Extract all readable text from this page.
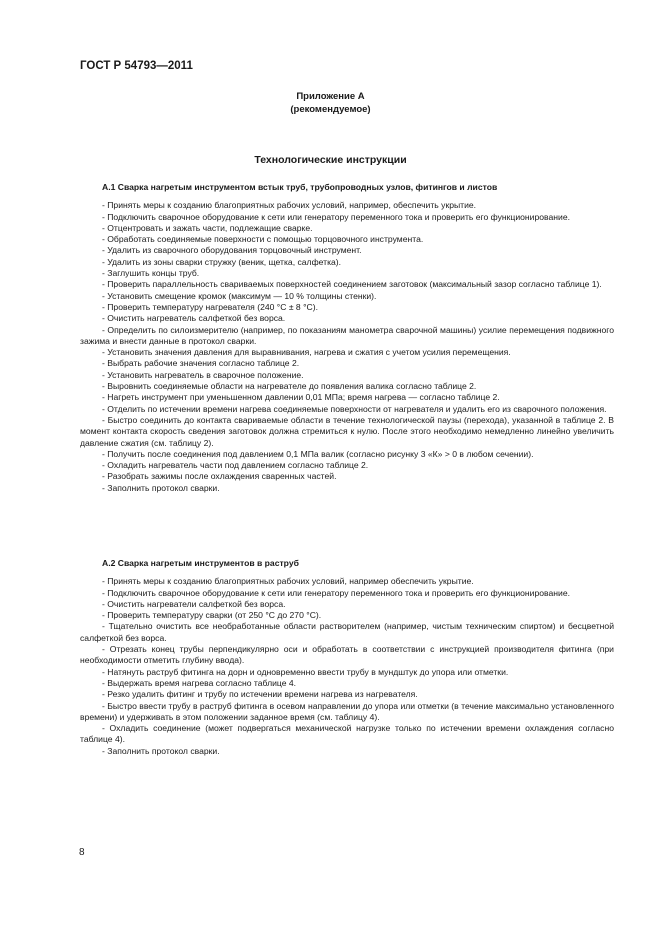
ГОСТ Р 54793—2011
Приложение А
(рекомендуемое)
Технологические инструкции

А.1 Сварка нагретым инструментом встык труб, трубопроводных узлов, фитингов и листов

- Принять меры к созданию благоприятных рабочих условий, например, обеспечить укрытие.

- Подключить сварочное оборудование к сети или генератору переменного тока и проверить его функционирование.

- Отцентровать и зажать части, подлежащие сварке.

- Обработать соединяемые поверхности с помощью торцовочного инструмента.

- Удалить из сварочного оборудования торцовочный инструмент.

- Удалить из зоны сварки стружку (веник, щетка, салфетка).

- Заглушить концы труб.

- Проверить параллельность свариваемых поверхностей соединением заготовок (максимальный зазор согласно таблице 1).

- Установить смещение кромок (максимум — 10 % толщины стенки).

- Проверить температуру нагревателя (240 °C ± 8 °C).

- Очистить нагреватель салфеткой без ворса.

- Определить по силоизмерителю (например, по показаниям манометра сварочной машины) усилие перемещения подвижного зажима и внести данные в протокол сварки.

- Установить значения давления для выравнивания, нагрева и сжатия с учетом усилия перемещения.

- Выбрать рабочие значения согласно таблице 2.

- Установить нагреватель в сварочное положение.

- Выровнить соединяемые области на нагревателе до появления валика согласно таблице 2.

- Нагреть инструмент при уменьшенном давлении 0,01 МПа; время нагрева — согласно таблице 2.

- Отделить по истечении времени нагрева соединяемые поверхности от нагревателя и удалить его из сварочного положения.

- Быстро соединить до контакта свариваемые области в течение технологической паузы (перехода), указанной в таблице 2. В момент контакта скорость сведения заготовок должна стремиться к нулю. После этого необходимо немедленно линейно увеличить давление сжатия (см. таблицу 2).

- Получить после соединения под давлением 0,1 МПа валик (согласно рисунку 3 «К» > 0 в любом сечении).

- Охладить нагреватель части под давлением согласно таблице 2.

- Разобрать зажимы после охлаждения сваренных частей.

- Заполнить протокол сварки.

А.2 Сварка нагретым инструментов в раструб

- Принять меры к созданию благоприятных рабочих условий, например обеспечить укрытие.

- Подключить сварочное оборудование к сети или генератору переменного тока и проверить его функционирование.

- Очистить нагреватели салфеткой без ворса.

- Проверить температуру сварки (от 250 °C до 270 °C).

- Тщательно очистить все необработанные области растворителем (например, чистым техническим спиртом) и бесцветной салфеткой без ворса.

- Отрезать конец трубы перпендикулярно оси и обработать в соответствии с инструкцией производителя фитинга (при необходимости отметить глубину ввода).

- Натянуть раструб фитинга на дорн и одновременно ввести трубу в мундштук до упора или отметки.

- Выдержать время нагрева согласно таблице 4.

- Резко удалить фитинг и трубу по истечении времени нагрева из нагревателя.

- Быстро ввести трубу в раструб фитинга в осевом направлении до упора или отметки (в течение максимально установленного времени) и удерживать в этом положении заданное время (см. таблицу 4).

- Охладить соединение (может подвергаться механической нагрузке только по истечении времени охлаждения согласно таблице 4).

- Заполнить протокол сварки.

8
